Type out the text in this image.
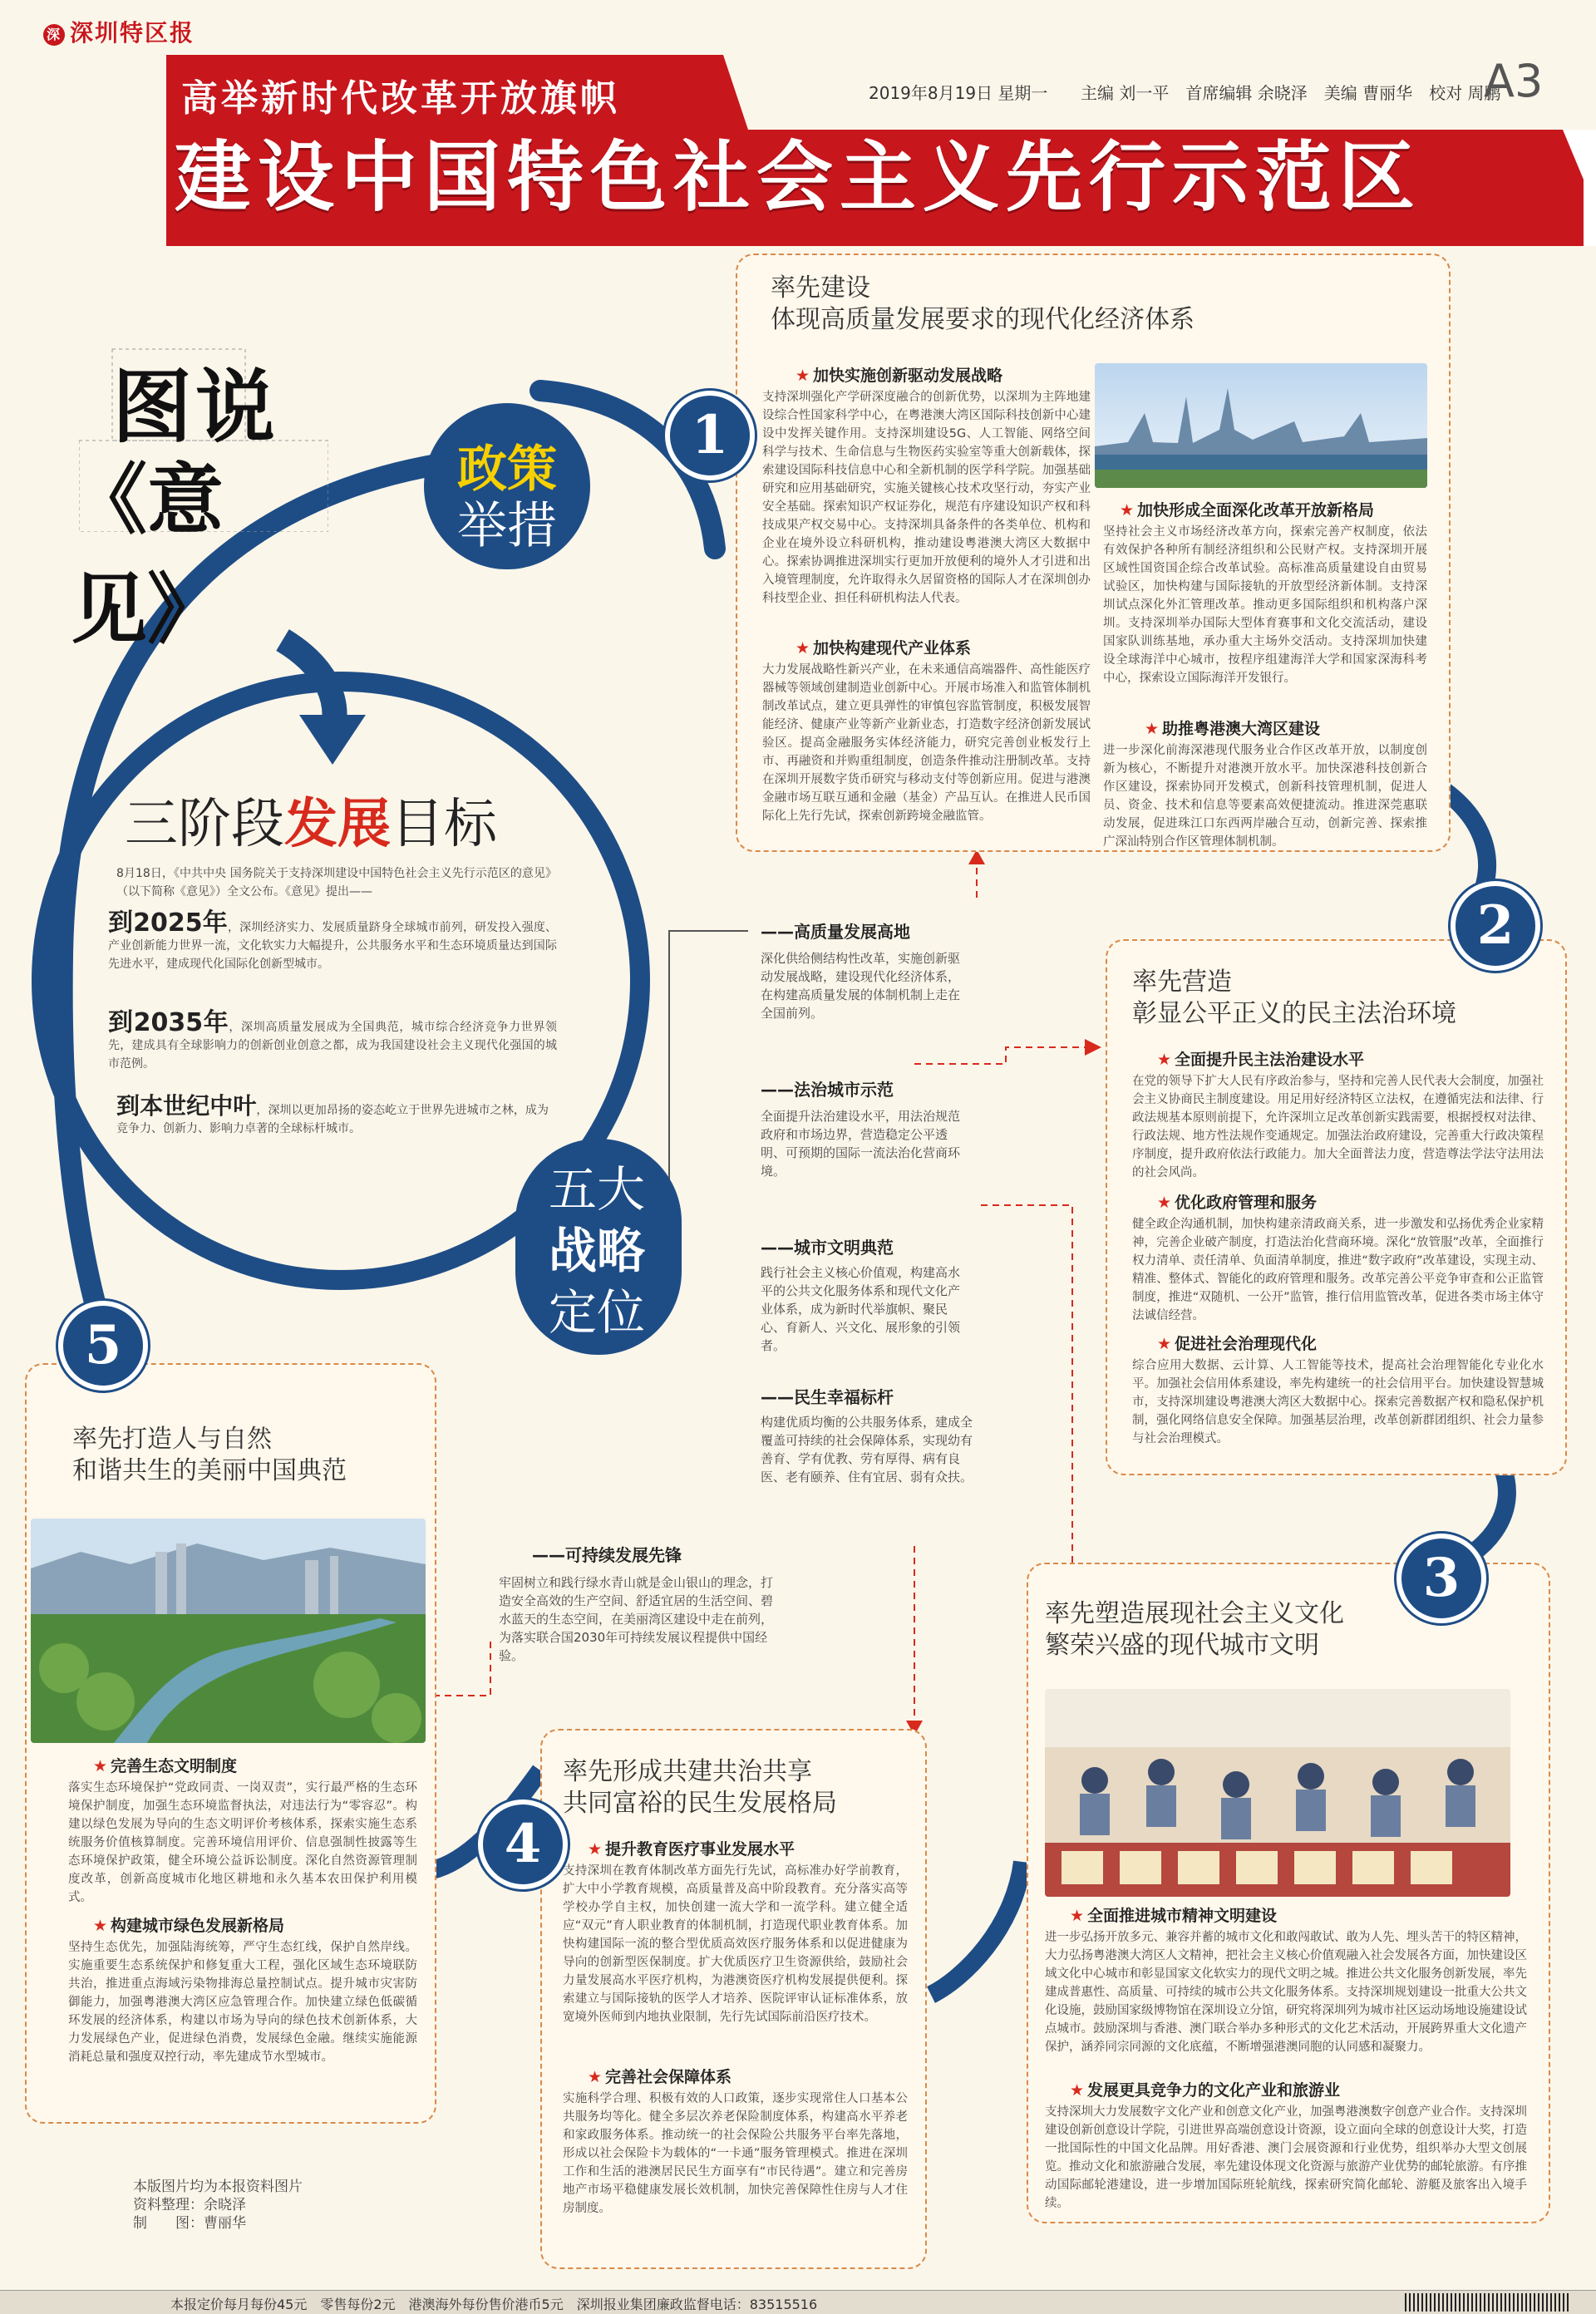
深 深圳特区报
高举新时代改革开放旗帜
建设中国特色社会主义先行示范区
2019年8月19日 星期一 主编 刘一平　首席编辑 余晓泽　美编 曹丽华　校对 周鹏
A3
图说
《意见》
政策
举措
三阶段发展目标
8月18日，《中共中央 国务院关于支持深圳建设中国特色社会主义先行示范区的意见》（以下简称《意见》）全文公布。《意见》提出——
到2025年，深圳经济实力、发展质量跻身全球城市前列，研发投入强度、产业创新能力世界一流，文化软实力大幅提升，公共服务水平和生态环境质量达到国际先进水平，建成现代化国际化创新型城市。
到2035年，深圳高质量发展成为全国典范，城市综合经济竞争力世界领先，建成具有全球影响力的创新创业创意之都，成为我国建设社会主义现代化强国的城市范例。
到本世纪中叶，深圳以更加昂扬的姿态屹立于世界先进城市之林，成为竞争力、创新力、影响力卓著的全球标杆城市。
五大
战略
定位
——高质量发展高地
深化供给侧结构性改革，实施创新驱动发展战略，建设现代化经济体系，在构建高质量发展的体制机制上走在全国前列。
——法治城市示范
全面提升法治建设水平，用法治规范政府和市场边界，营造稳定公平透明、可预期的国际一流法治化营商环境。
——城市文明典范
践行社会主义核心价值观，构建高水平的公共文化服务体系和现代文化产业体系，成为新时代举旗帜、聚民心、育新人、兴文化、展形象的引领者。
——民生幸福标杆
构建优质均衡的公共服务体系，建成全覆盖可持续的社会保障体系，实现幼有善育、学有优教、劳有厚得、病有良医、老有颐养、住有宜居、弱有众扶。
——可持续发展先锋
牢固树立和践行绿水青山就是金山银山的理念，打造安全高效的生产空间、舒适宜居的生活空间、碧水蓝天的生态空间，在美丽湾区建设中走在前列，为落实联合国2030年可持续发展议程提供中国经验。
率先建设
体现高质量发展要求的现代化经济体系
★ 加快实施创新驱动发展战略
支持深圳强化产学研深度融合的创新优势，以深圳为主阵地建设综合性国家科学中心，在粤港澳大湾区国际科技创新中心建设中发挥关键作用。支持深圳建设5G、人工智能、网络空间科学与技术、生命信息与生物医药实验室等重大创新载体，探索建设国际科技信息中心和全新机制的医学科学院。加强基础研究和应用基础研究，实施关键核心技术攻坚行动，夯实产业安全基础。探索知识产权证券化，规范有序建设知识产权和科技成果产权交易中心。支持深圳具备条件的各类单位、机构和企业在境外设立科研机构，推动建设粤港澳大湾区大数据中心。探索协调推进深圳实行更加开放便利的境外人才引进和出入境管理制度，允许取得永久居留资格的国际人才在深圳创办科技型企业、担任科研机构法人代表。
★ 加快构建现代产业体系
大力发展战略性新兴产业，在未来通信高端器件、高性能医疗器械等领域创建制造业创新中心。开展市场准入和监管体制机制改革试点，建立更具弹性的审慎包容监管制度，积极发展智能经济、健康产业等新产业新业态，打造数字经济创新发展试验区。提高金融服务实体经济能力，研究完善创业板发行上市、再融资和并购重组制度，创造条件推动注册制改革。支持在深圳开展数字货币研究与移动支付等创新应用。促进与港澳金融市场互联互通和金融（基金）产品互认。在推进人民币国际化上先行先试，探索创新跨境金融监管。
★ 加快形成全面深化改革开放新格局
坚持社会主义市场经济改革方向，探索完善产权制度，依法有效保护各种所有制经济组织和公民财产权。支持深圳开展区域性国资国企综合改革试验。高标准高质量建设自由贸易试验区，加快构建与国际接轨的开放型经济新体制。支持深圳试点深化外汇管理改革。推动更多国际组织和机构落户深圳。支持深圳举办国际大型体育赛事和文化交流活动，建设国家队训练基地，承办重大主场外交活动。支持深圳加快建设全球海洋中心城市，按程序组建海洋大学和国家深海科考中心，探索设立国际海洋开发银行。
★ 助推粤港澳大湾区建设
进一步深化前海深港现代服务业合作区改革开放，以制度创新为核心，不断提升对港澳开放水平。加快深港科技创新合作区建设，探索协同开发模式，创新科技管理机制，促进人员、资金、技术和信息等要素高效便捷流动。推进深莞惠联动发展，促进珠江口东西两岸融合互动，创新完善、探索推广深汕特别合作区管理体制机制。
1
率先营造
彰显公平正义的民主法治环境
★ 全面提升民主法治建设水平
在党的领导下扩大人民有序政治参与，坚持和完善人民代表大会制度，加强社会主义协商民主制度建设。用足用好经济特区立法权，在遵循宪法和法律、行政法规基本原则前提下，允许深圳立足改革创新实践需要，根据授权对法律、行政法规、地方性法规作变通规定。加强法治政府建设，完善重大行政决策程序制度，提升政府依法行政能力。加大全面普法力度，营造尊法学法守法用法的社会风尚。
★ 优化政府管理和服务
健全政企沟通机制，加快构建亲清政商关系，进一步激发和弘扬优秀企业家精神，完善企业破产制度，打造法治化营商环境。深化“放管服”改革，全面推行权力清单、责任清单、负面清单制度，推进“数字政府”改革建设，实现主动、精准、整体式、智能化的政府管理和服务。改革完善公平竞争审查和公正监管制度，推进“双随机、一公开”监管，推行信用监管改革，促进各类市场主体守法诚信经营。
★ 促进社会治理现代化
综合应用大数据、云计算、人工智能等技术，提高社会治理智能化专业化水平。加强社会信用体系建设，率先构建统一的社会信用平台。加快建设智慧城市，支持深圳建设粤港澳大湾区大数据中心。探索完善数据产权和隐私保护机制，强化网络信息安全保障。加强基层治理，改革创新群团组织、社会力量参与社会治理模式。
2
率先塑造展现社会主义文化
繁荣兴盛的现代城市文明
★ 全面推进城市精神文明建设
进一步弘扬开放多元、兼容并蓄的城市文化和敢闯敢试、敢为人先、埋头苦干的特区精神，大力弘扬粤港澳大湾区人文精神，把社会主义核心价值观融入社会发展各方面，加快建设区域文化中心城市和彰显国家文化软实力的现代文明之城。推进公共文化服务创新发展，率先建成普惠性、高质量、可持续的城市公共文化服务体系。支持深圳规划建设一批重大公共文化设施，鼓励国家级博物馆在深圳设立分馆，研究将深圳列为城市社区运动场地设施建设试点城市。鼓励深圳与香港、澳门联合举办多种形式的文化艺术活动，开展跨界重大文化遗产保护，涵养同宗同源的文化底蕴，不断增强港澳同胞的认同感和凝聚力。
★ 发展更具竞争力的文化产业和旅游业
支持深圳大力发展数字文化产业和创意文化产业，加强粤港澳数字创意产业合作。支持深圳建设创新创意设计学院，引进世界高端创意设计资源，设立面向全球的创意设计大奖，打造一批国际性的中国文化品牌。用好香港、澳门会展资源和行业优势，组织举办大型文创展览。推动文化和旅游融合发展，率先建设体现文化资源与旅游产业优势的邮轮旅游。有序推动国际邮轮港建设，进一步增加国际班轮航线，探索研究简化邮轮、游艇及旅客出入境手续。
3
率先形成共建共治共享
共同富裕的民生发展格局
★ 提升教育医疗事业发展水平
支持深圳在教育体制改革方面先行先试，高标准办好学前教育，扩大中小学教育规模，高质量普及高中阶段教育。充分落实高等学校办学自主权，加快创建一流大学和一流学科。建立健全适应“双元”育人职业教育的体制机制，打造现代职业教育体系。加快构建国际一流的整合型优质高效医疗服务体系和以促进健康为导向的创新型医保制度。扩大优质医疗卫生资源供给，鼓励社会力量发展高水平医疗机构，为港澳资医疗机构发展提供便利。探索建立与国际接轨的医学人才培养、医院评审认证标准体系，放宽境外医师到内地执业限制，先行先试国际前沿医疗技术。
★ 完善社会保障体系
实施科学合理、积极有效的人口政策，逐步实现常住人口基本公共服务均等化。健全多层次养老保险制度体系，构建高水平养老和家政服务体系。推动统一的社会保险公共服务平台率先落地，形成以社会保险卡为载体的“一卡通”服务管理模式。推进在深圳工作和生活的港澳居民民生方面享有“市民待遇”。建立和完善房地产市场平稳健康发展长效机制，加快完善保障性住房与人才住房制度。
4
率先打造人与自然
和谐共生的美丽中国典范
★ 完善生态文明制度
落实生态环境保护“党政同责、一岗双责”，实行最严格的生态环境保护制度，加强生态环境监督执法，对违法行为“零容忍”。构建以绿色发展为导向的生态文明评价考核体系，探索实施生态系统服务价值核算制度。完善环境信用评价、信息强制性披露等生态环境保护政策，健全环境公益诉讼制度。深化自然资源管理制度改革，创新高度城市化地区耕地和永久基本农田保护利用模式。
★ 构建城市绿色发展新格局
坚持生态优先，加强陆海统筹，严守生态红线，保护自然岸线。实施重要生态系统保护和修复重大工程，强化区域生态环境联防共治，推进重点海域污染物排海总量控制试点。提升城市灾害防御能力，加强粤港澳大湾区应急管理合作。加快建立绿色低碳循环发展的经济体系，构建以市场为导向的绿色技术创新体系，大力发展绿色产业，促进绿色消费，发展绿色金融。继续实施能源消耗总量和强度双控行动，率先建成节水型城市。
5
本版图片均为本报资料图片
资料整理：余晓泽
制　　图：曹丽华
本报定价每月每份45元　零售每份2元　港澳海外每份售价港币5元　深圳报业集团廉政监督电话：83515516
